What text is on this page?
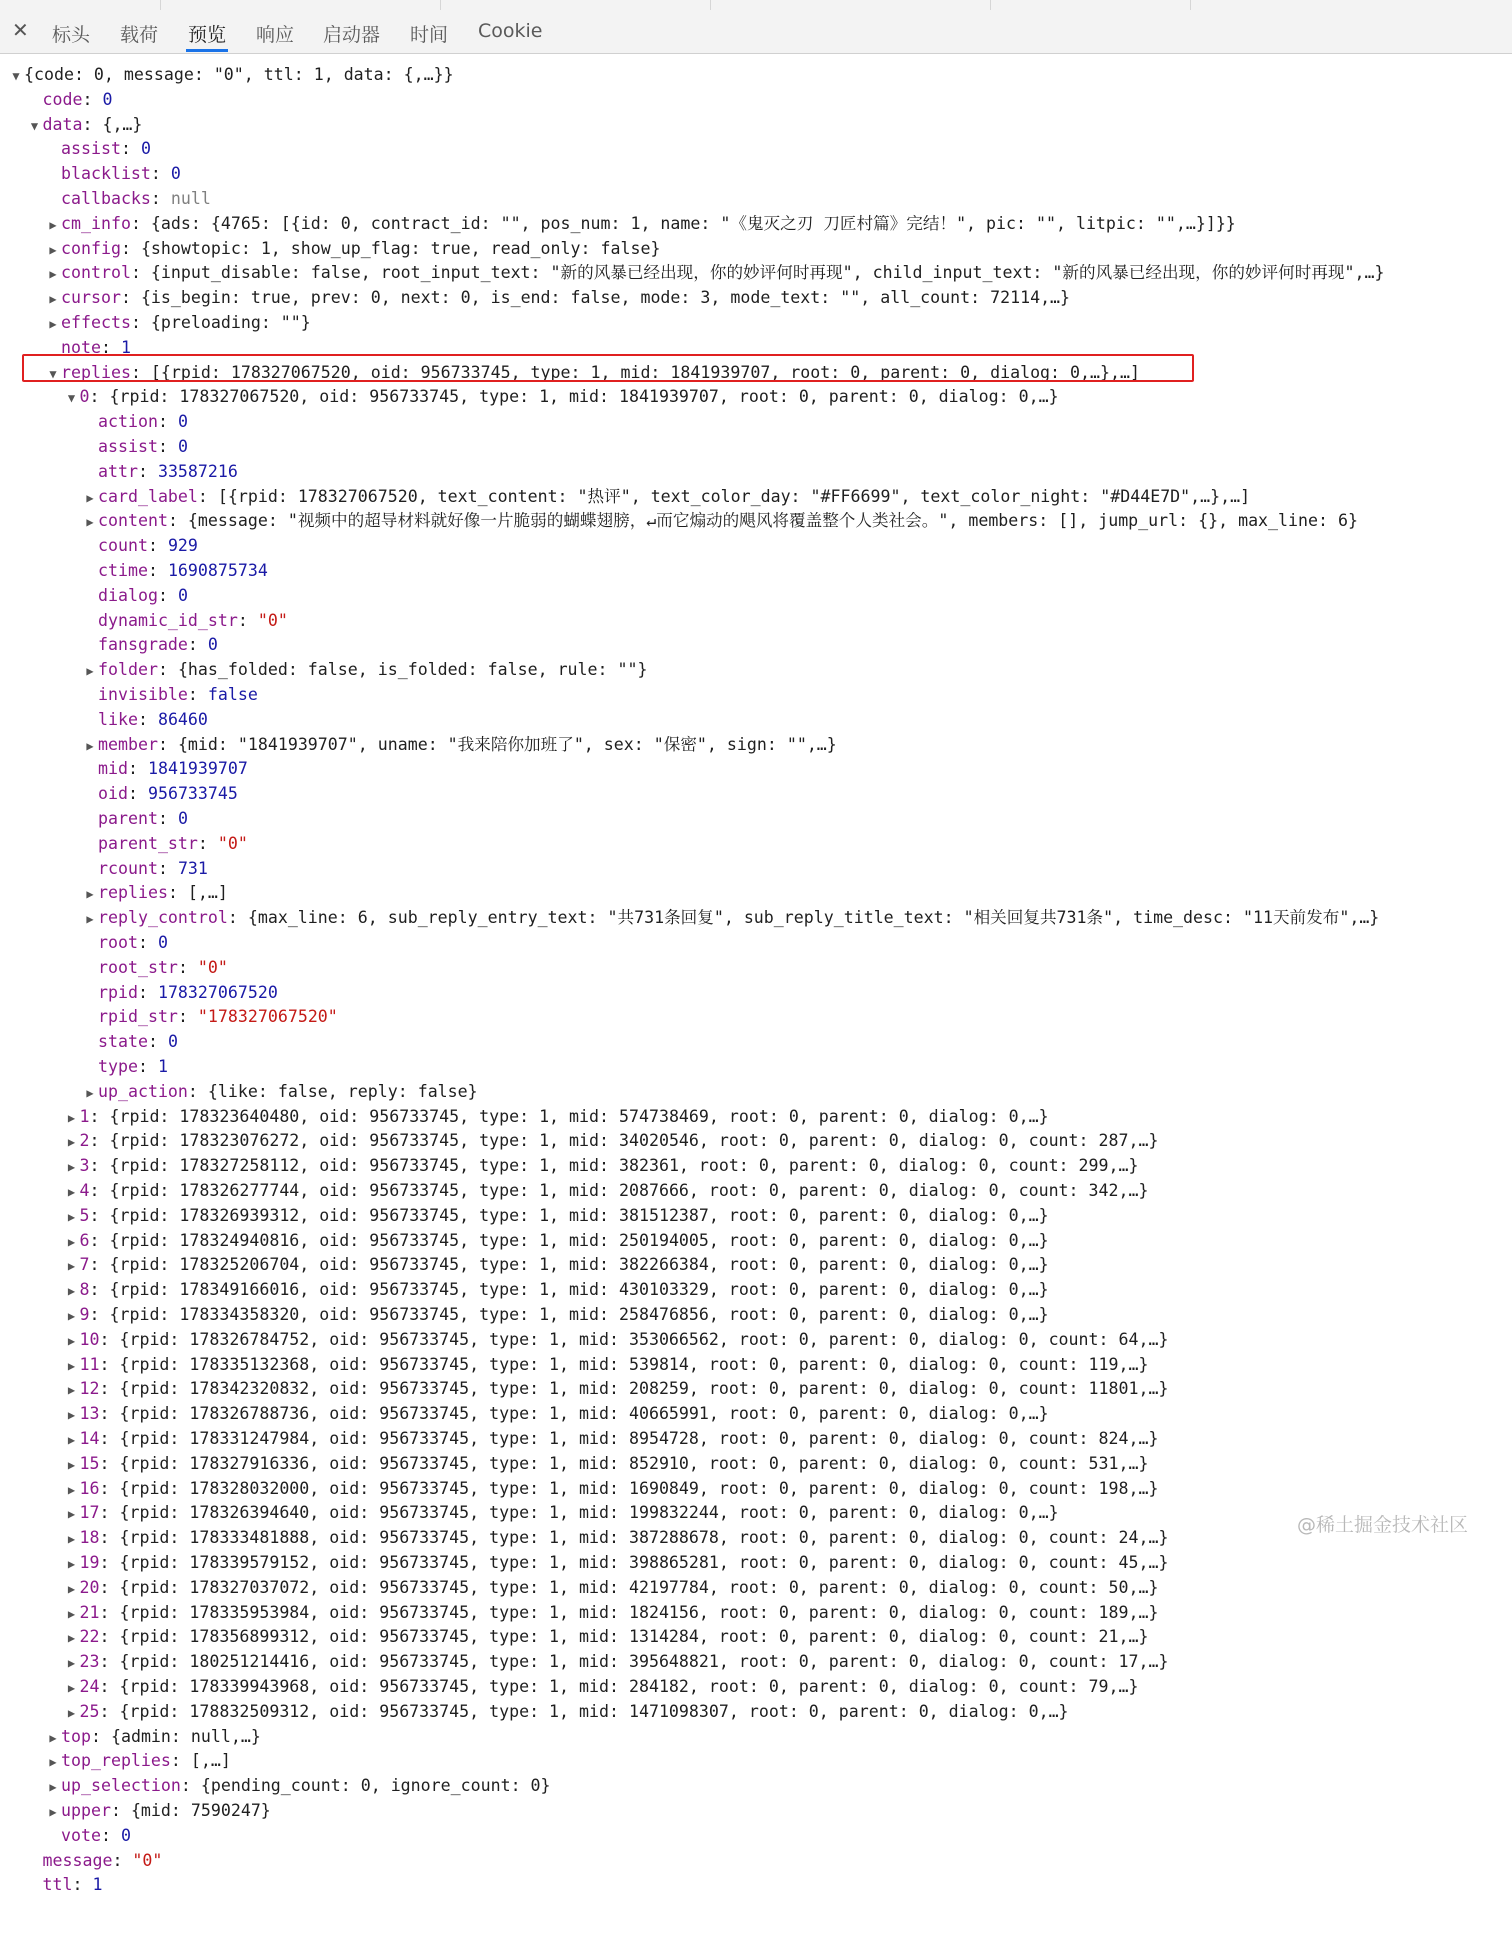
✕ 标头 载荷 预览 响应 启动器 时间 Cookie
▼ {code: 0, message: "0", ttl: 1, data: {,…}}
code: 0
▼ data: {,…}
assist: 0
blacklist: 0
callbacks: null
▶ cm_info: {ads: {4765: [{id: 0, contract_id: "", pos_num: 1, name: "《鬼灭之刃 刀匠村篇》完结！", pic: "", litpic: "",…}]}}
▶ config: {showtopic: 1, show_up_flag: true, read_only: false}
▶ control: {input_disable: false, root_input_text: "新的风暴已经出现，你的妙评何时再现", child_input_text: "新的风暴已经出现，你的妙评何时再现",…}
▶ cursor: {is_begin: true, prev: 0, next: 0, is_end: false, mode: 3, mode_text: "", all_count: 72114,…}
▶ effects: {preloading: ""}
note: 1
▼ replies: [{rpid: 178327067520, oid: 956733745, type: 1, mid: 1841939707, root: 0, parent: 0, dialog: 0,…},…]
▼ 0: {rpid: 178327067520, oid: 956733745, type: 1, mid: 1841939707, root: 0, parent: 0, dialog: 0,…}
action: 0
assist: 0
attr: 33587216
▶ card_label: [{rpid: 178327067520, text_content: "热评", text_color_day: "#FF6699", text_color_night: "#D44E7D",…},…]
▶ content: {message: "视频中的超导材料就好像一片脆弱的蝴蝶翅膀，↵而它煽动的飓风将覆盖整个人类社会。", members: [], jump_url: {}, max_line: 6}
count: 929
ctime: 1690875734
dialog: 0
dynamic_id_str: "0"
fansgrade: 0
▶ folder: {has_folded: false, is_folded: false, rule: ""}
invisible: false
like: 86460
▶ member: {mid: "1841939707", uname: "我来陪你加班了", sex: "保密", sign: "",…}
mid: 1841939707
oid: 956733745
parent: 0
parent_str: "0"
rcount: 731
▶ replies: [,…]
▶ reply_control: {max_line: 6, sub_reply_entry_text: "共731条回复", sub_reply_title_text: "相关回复共731条", time_desc: "11天前发布",…}
root: 0
root_str: "0"
rpid: 178327067520
rpid_str: "178327067520"
state: 0
type: 1
▶ up_action: {like: false, reply: false}
▶ 1: {rpid: 178323640480, oid: 956733745, type: 1, mid: 574738469, root: 0, parent: 0, dialog: 0,…}
▶ 2: {rpid: 178323076272, oid: 956733745, type: 1, mid: 34020546, root: 0, parent: 0, dialog: 0, count: 287,…}
▶ 3: {rpid: 178327258112, oid: 956733745, type: 1, mid: 382361, root: 0, parent: 0, dialog: 0, count: 299,…}
▶ 4: {rpid: 178326277744, oid: 956733745, type: 1, mid: 2087666, root: 0, parent: 0, dialog: 0, count: 342,…}
▶ 5: {rpid: 178326939312, oid: 956733745, type: 1, mid: 381512387, root: 0, parent: 0, dialog: 0,…}
▶ 6: {rpid: 178324940816, oid: 956733745, type: 1, mid: 250194005, root: 0, parent: 0, dialog: 0,…}
▶ 7: {rpid: 178325206704, oid: 956733745, type: 1, mid: 382266384, root: 0, parent: 0, dialog: 0,…}
▶ 8: {rpid: 178349166016, oid: 956733745, type: 1, mid: 430103329, root: 0, parent: 0, dialog: 0,…}
▶ 9: {rpid: 178334358320, oid: 956733745, type: 1, mid: 258476856, root: 0, parent: 0, dialog: 0,…}
▶ 10: {rpid: 178326784752, oid: 956733745, type: 1, mid: 353066562, root: 0, parent: 0, dialog: 0, count: 64,…}
▶ 11: {rpid: 178335132368, oid: 956733745, type: 1, mid: 539814, root: 0, parent: 0, dialog: 0, count: 119,…}
▶ 12: {rpid: 178342320832, oid: 956733745, type: 1, mid: 208259, root: 0, parent: 0, dialog: 0, count: 11801,…}
▶ 13: {rpid: 178326788736, oid: 956733745, type: 1, mid: 40665991, root: 0, parent: 0, dialog: 0,…}
▶ 14: {rpid: 178331247984, oid: 956733745, type: 1, mid: 8954728, root: 0, parent: 0, dialog: 0, count: 824,…}
▶ 15: {rpid: 178327916336, oid: 956733745, type: 1, mid: 852910, root: 0, parent: 0, dialog: 0, count: 531,…}
▶ 16: {rpid: 178328032000, oid: 956733745, type: 1, mid: 1690849, root: 0, parent: 0, dialog: 0, count: 198,…}
▶ 17: {rpid: 178326394640, oid: 956733745, type: 1, mid: 199832244, root: 0, parent: 0, dialog: 0,…}
▶ 18: {rpid: 178333481888, oid: 956733745, type: 1, mid: 387288678, root: 0, parent: 0, dialog: 0, count: 24,…}
▶ 19: {rpid: 178339579152, oid: 956733745, type: 1, mid: 398865281, root: 0, parent: 0, dialog: 0, count: 45,…}
▶ 20: {rpid: 178327037072, oid: 956733745, type: 1, mid: 42197784, root: 0, parent: 0, dialog: 0, count: 50,…}
▶ 21: {rpid: 178335953984, oid: 956733745, type: 1, mid: 1824156, root: 0, parent: 0, dialog: 0, count: 189,…}
▶ 22: {rpid: 178356899312, oid: 956733745, type: 1, mid: 1314284, root: 0, parent: 0, dialog: 0, count: 21,…}
▶ 23: {rpid: 180251214416, oid: 956733745, type: 1, mid: 395648821, root: 0, parent: 0, dialog: 0, count: 17,…}
▶ 24: {rpid: 178339943968, oid: 956733745, type: 1, mid: 284182, root: 0, parent: 0, dialog: 0, count: 79,…}
▶ 25: {rpid: 178832509312, oid: 956733745, type: 1, mid: 1471098307, root: 0, parent: 0, dialog: 0,…}
▶ top: {admin: null,…}
▶ top_replies: [,…]
▶ up_selection: {pending_count: 0, ignore_count: 0}
▶ upper: {mid: 7590247}
vote: 0
message: "0"
ttl: 1
@稀土掘金技术社区
